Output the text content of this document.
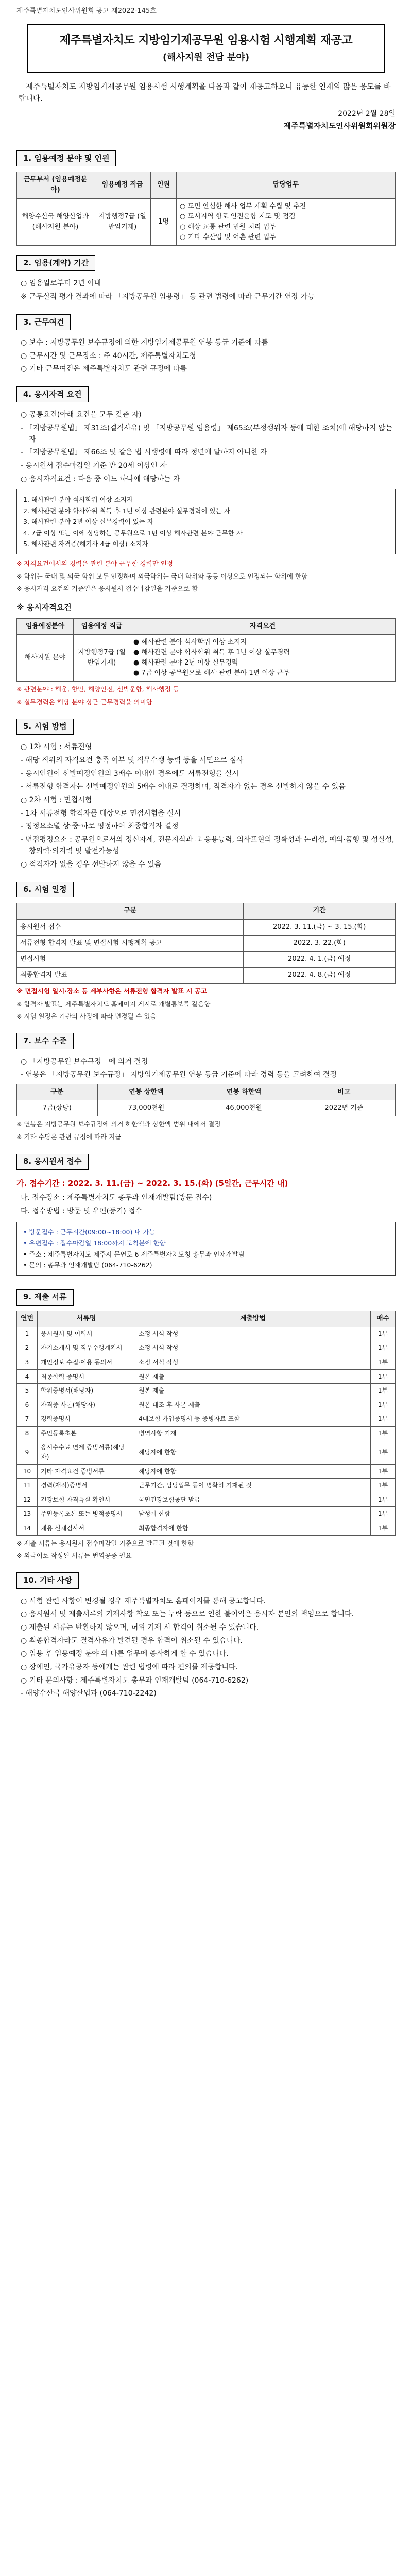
제주특별자치도인사위원회 공고 제2022-145호
제주특별자치도 지방임기제공무원 임용시험 시행계획 재공고
(해사지원 전담 분야)

제주특별자치도 지방임기제공무원 임용시험 시행계획을 다음과 같이 재공고하오니 유능한 인재의 많은 응모를 바랍니다.

2022년 2월 28일
제주특별자치도인사위원회위원장
1. 임용예정 분야 및 인원
근무부서 (임용예정분야)	임용예정 직급	인원	담당업무
해양수산국 해양산업과 (해사지원 분야)	지방행정7급 (일반임기제)	1명	○ 도민 안심한 해사 업무 계획 수립 및 추진
○ 도서지역 항로 안전운항 지도 및 점검
○ 해상 교통 관련 민원 처리 업무
○ 기타 수산업 및 어촌 관련 업무
2. 임용(계약) 기간
○ 임용일로부터 2년 이내
※ 근무실적 평가 결과에 따라 「지방공무원 임용령」 등 관련 법령에 따라 근무기간 연장 가능
3. 근무여건
○ 보수 : 지방공무원 보수규정에 의한 지방임기제공무원 연봉 등급 기준에 따름
○ 근무시간 및 근무장소 : 주 40시간, 제주특별자치도청
○ 기타 근무여건은 제주특별자치도 관련 규정에 따름
4. 응시자격 요건
○ 공통요건(아래 요건을 모두 갖춘 자)
- 「지방공무원법」 제31조(결격사유) 및 「지방공무원 임용령」 제65조(부정행위자 등에 대한 조치)에 해당하지 않는 자
- 「지방공무원법」 제66조 및 같은 법 시행령에 따라 정년에 달하지 아니한 자
- 응시원서 접수마감일 기준 만 20세 이상인 자
○ 응시자격요건 : 다음 중 어느 하나에 해당하는 자

1. 해사관련 분야 석사학위 이상 소지자

2. 해사관련 분야 학사학위 취득 후 1년 이상 관련분야 실무경력이 있는 자

3. 해사관련 분야 2년 이상 실무경력이 있는 자

4. 7급 이상 또는 이에 상당하는 공무원으로 1년 이상 해사관련 분야 근무한 자

5. 해사관련 자격증(해기사 4급 이상) 소지자

※ 자격요건에서의 경력은 관련 분야 근무한 경력만 인정
※ 학위는 국내 및 외국 학위 모두 인정하며 외국학위는 국내 학위와 동등 이상으로 인정되는 학위에 한함
※ 응시자격 요건의 기준일은 응시원서 접수마감일을 기준으로 함
※ 응시자격요건
임용예정분야	임용예정 직급	자격요건
해사지원 분야	지방행정7급 (일반임기제)	● 해사관련 분야 석사학위 이상 소지자
● 해사관련 분야 학사학위 취득 후 1년 이상 실무경력
● 해사관련 분야 2년 이상 실무경력
● 7급 이상 공무원으로 해사 관련 분야 1년 이상 근무
※ 관련분야 : 해운, 항만, 해양안전, 선박운항, 해사행정 등
※ 실무경력은 해당 분야 상근 근무경력을 의미함
5. 시험 방법
○ 1차 시험 : 서류전형
- 해당 직위의 자격요건 충족 여부 및 직무수행 능력 등을 서면으로 심사
- 응시인원이 선발예정인원의 3배수 이내인 경우에도 서류전형을 실시
- 서류전형 합격자는 선발예정인원의 5배수 이내로 결정하며, 적격자가 없는 경우 선발하지 않을 수 있음
○ 2차 시험 : 면접시험
- 1차 서류전형 합격자를 대상으로 면접시험을 실시
- 평정요소별 상·중·하로 평정하여 최종합격자 결정
- 면접평정요소 : 공무원으로서의 정신자세, 전문지식과 그 응용능력, 의사표현의 정확성과 논리성, 예의·품행 및 성실성, 창의력·의지력 및 발전가능성
○ 적격자가 없을 경우 선발하지 않을 수 있음
6. 시험 일정
구분	기간
응시원서 접수	2022. 3. 11.(금) ~ 3. 15.(화)
서류전형 합격자 발표 및 면접시험 시행계획 공고	2022. 3. 22.(화)
면접시험	2022. 4. 1.(금) 예정
최종합격자 발표	2022. 4. 8.(금) 예정
※ 면접시험 일시·장소 등 세부사항은 서류전형 합격자 발표 시 공고
※ 합격자 발표는 제주특별자치도 홈페이지 게시로 개별통보를 갈음함
※ 시험 일정은 기관의 사정에 따라 변경될 수 있음
7. 보수 수준
○ 「지방공무원 보수규정」에 의거 결정
- 연봉은 「지방공무원 보수규정」 지방임기제공무원 연봉 등급 기준에 따라 경력 등을 고려하여 결정
구분	연봉 상한액	연봉 하한액	비고
7급(상당)	73,000천원	46,000천원	2022년 기준
※ 연봉은 지방공무원 보수규정에 의거 하한액과 상한액 범위 내에서 결정
※ 기타 수당은 관련 규정에 따라 지급
8. 응시원서 접수
가. 접수기간 : 2022. 3. 11.(금) ~ 2022. 3. 15.(화) (5일간, 근무시간 내)
나. 접수장소 : 제주특별자치도 총무과 인재개발팀(방문 접수)
다. 접수방법 : 방문 및 우편(등기) 접수

• 방문접수 : 근무시간(09:00~18:00) 내 가능

• 우편접수 : 접수마감일 18:00까지 도착분에 한함

• 주소 : 제주특별자치도 제주시 문연로 6 제주특별자치도청 총무과 인재개발팀

• 문의 : 총무과 인재개발팀 (064-710-6262)

9. 제출 서류
연번	서류명	제출방법	매수
1	응시원서 및 이력서	소정 서식 작성	1부
2	자기소개서 및 직무수행계획서	소정 서식 작성	1부
3	개인정보 수집·이용 동의서	소정 서식 작성	1부
4	최종학력 증명서	원본 제출	1부
5	학위증명서(해당자)	원본 제출	1부
6	자격증 사본(해당자)	원본 대조 후 사본 제출	1부
7	경력증명서	4대보험 가입증명서 등 증빙자료 포함	1부
8	주민등록초본	병역사항 기재	1부
9	응시수수료 면제 증빙서류(해당자)	해당자에 한함	1부
10	기타 자격요건 증빙서류	해당자에 한함	1부
11	경력(재직)증명서	근무기간, 담당업무 등이 명확히 기재된 것	1부
12	건강보험 자격득실 확인서	국민건강보험공단 발급	1부
13	주민등록초본 또는 병적증명서	남성에 한함	1부
14	채용 신체검사서	최종합격자에 한함	1부
※ 제출 서류는 응시원서 접수마감일 기준으로 발급된 것에 한함
※ 외국어로 작성된 서류는 번역공증 필요
10. 기타 사항
○ 시험 관련 사항이 변경될 경우 제주특별자치도 홈페이지를 통해 공고합니다.
○ 응시원서 및 제출서류의 기재사항 착오 또는 누락 등으로 인한 불이익은 응시자 본인의 책임으로 합니다.
○ 제출된 서류는 반환하지 않으며, 허위 기재 시 합격이 취소될 수 있습니다.
○ 최종합격자라도 결격사유가 발견될 경우 합격이 취소될 수 있습니다.
○ 임용 후 임용예정 분야 외 다른 업무에 종사하게 할 수 있습니다.
○ 장애인, 국가유공자 등에게는 관련 법령에 따라 편의를 제공합니다.
○ 기타 문의사항 : 제주특별자치도 총무과 인재개발팀 (064-710-6262)
- 해양수산국 해양산업과 (064-710-2242)
